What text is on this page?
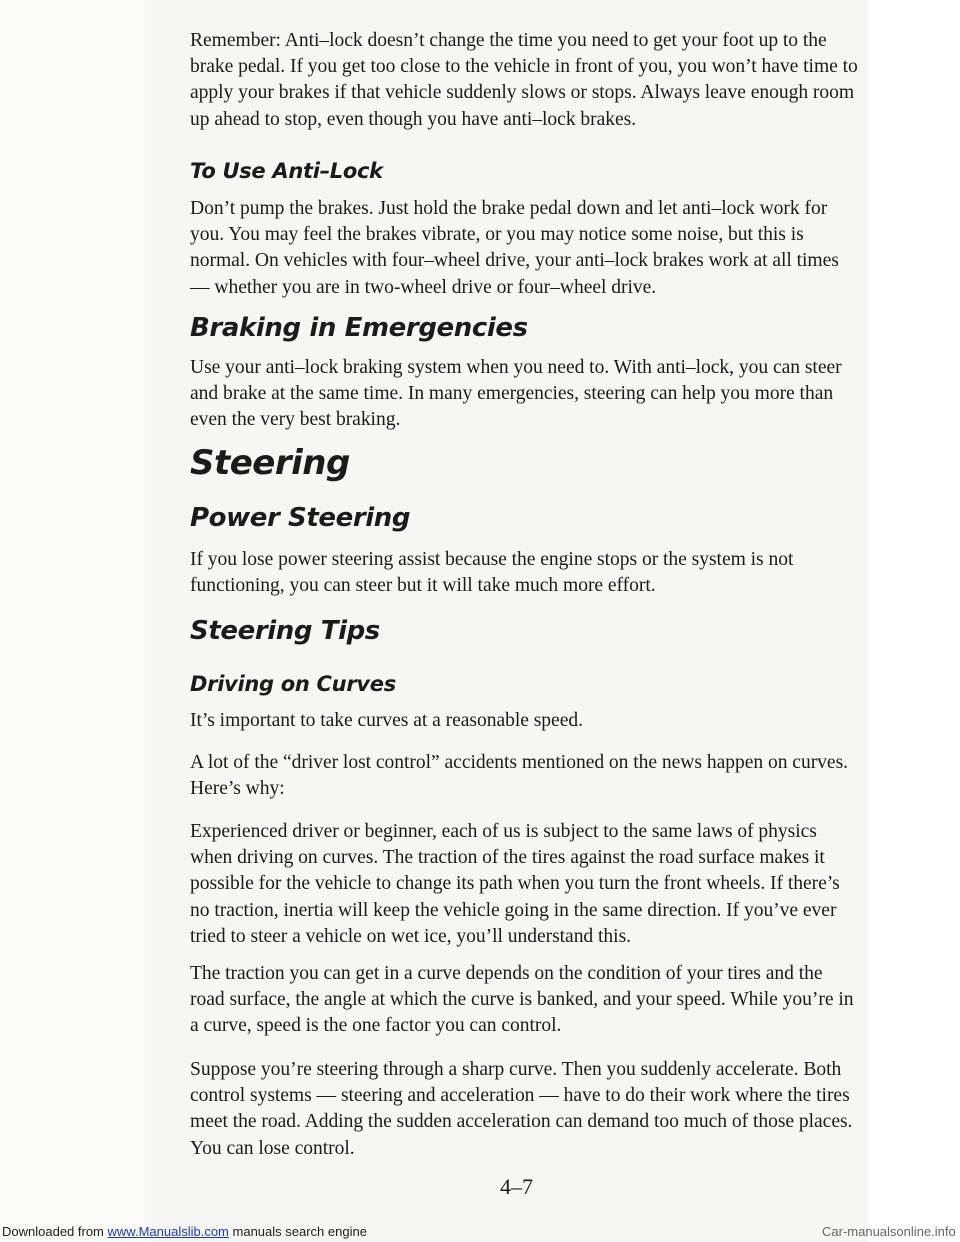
Remember: Anti–lock doesn’t change the time you need to get your foot up to the brake pedal. If you get too close to the vehicle in front of you, you won’t have time to apply your brakes if that vehicle suddenly slows or stops. Always leave enough room up ahead to stop, even though you have anti–lock brakes.

To Use Anti–Lock

Don’t pump the brakes. Just hold the brake pedal down and let anti–lock work for you. You may feel the brakes vibrate, or you may notice some noise, but this is normal. On vehicles with four–wheel drive, your anti–lock brakes work at all times –– whether you are in two-wheel drive or four–wheel drive.

Braking in Emergencies

Use your anti–lock braking system when you need to. With anti–lock, you can steer and brake at the same time. In many emergencies, steering can help you more than even the very best braking.

Steering
Power Steering

If you lose power steering assist because the engine stops or the system is not functioning, you can steer but it will take much more effort.

Steering Tips
Driving on Curves

It’s important to take curves at a reasonable speed.

A lot of the “driver lost control” accidents mentioned on the news happen on curves. Here’s why:

Experienced driver or beginner, each of us is subject to the same laws of physics when driving on curves. The traction of the tires against the road surface makes it possible for the vehicle to change its path when you turn the front wheels. If there’s no traction, inertia will keep the vehicle going in the same direction. If you’ve ever tried to steer a vehicle on wet ice, you’ll understand this.

The traction you can get in a curve depends on the condition of your tires and the road surface, the angle at which the curve is banked, and your speed. While you’re in a curve, speed is the one factor you can control.

Suppose you’re steering through a sharp curve. Then you suddenly accelerate. Both control systems — steering and acceleration — have to do their work where the tires meet the road. Adding the sudden acceleration can demand too much of those places. You can lose control.

4–7
Downloaded from www.Manualslib.com manuals search engine	Car-manualsonline.info
